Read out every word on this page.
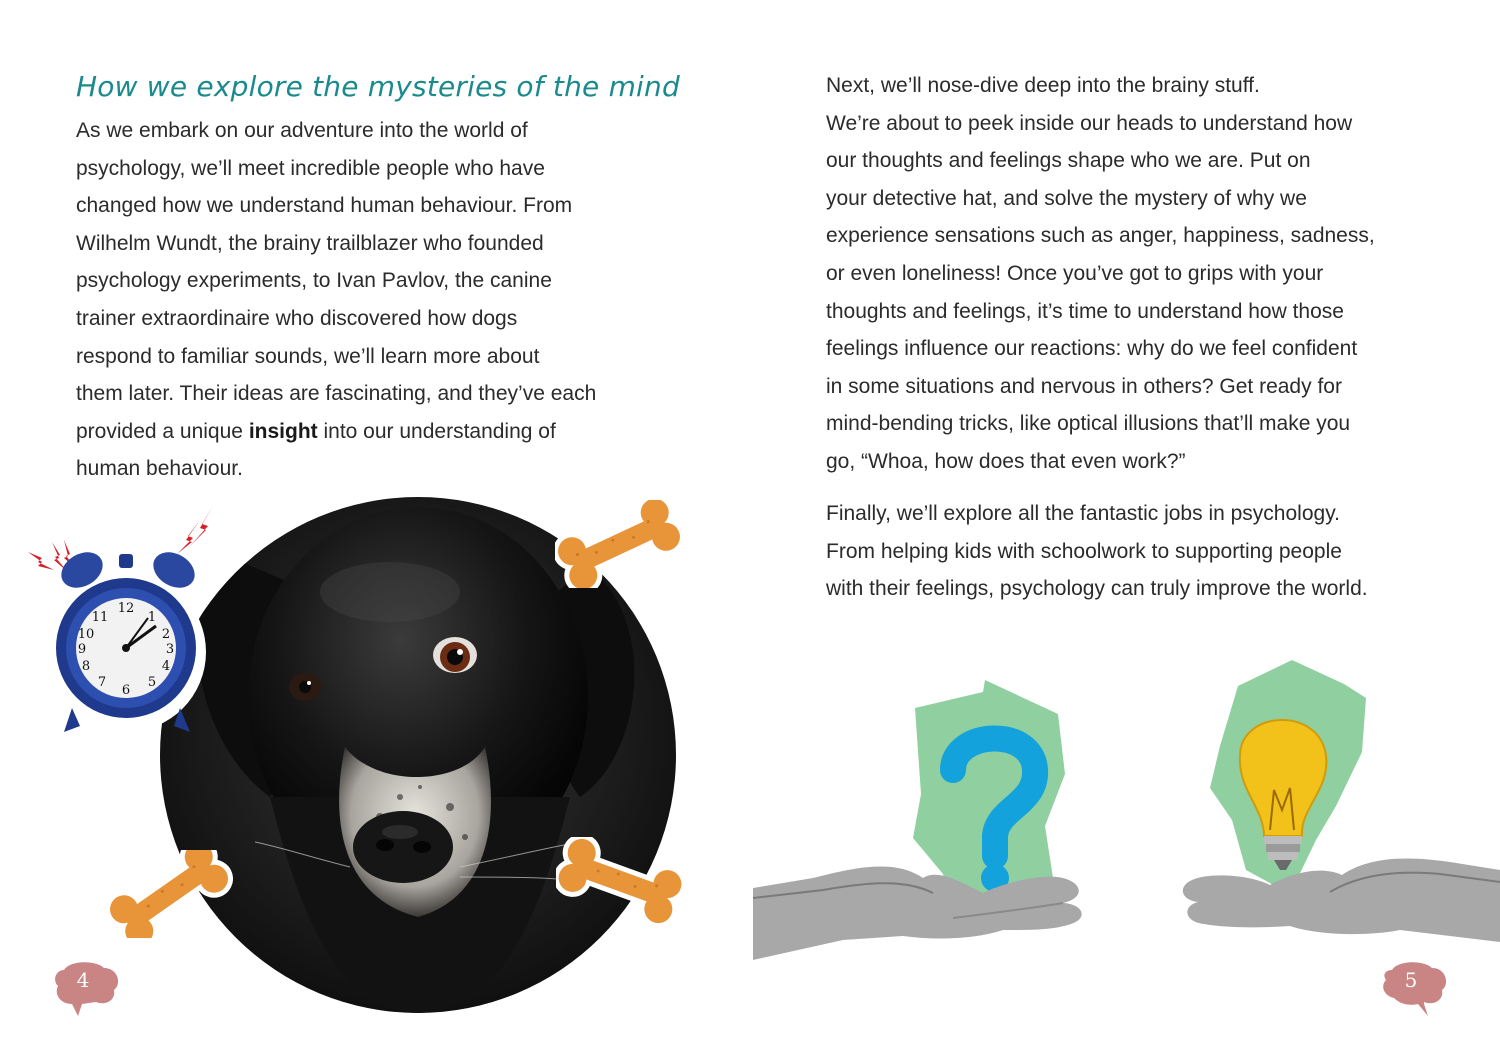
How we explore the mysteries of the mind

As we embark on our adventure into the world of
psychology, we’ll meet incredible people who have
changed how we understand human behaviour. From
Wilhelm Wundt, the brainy trailblazer who founded
psychology experiments, to Ivan Pavlov, the canine
trainer extraordinaire who discovered how dogs
respond to familiar sounds, we’ll learn more about
them later. Their ideas are fascinating, and they’ve each
provided a unique insight into our understanding of
human behaviour.

Next, we’ll nose-dive deep into the brainy stuff.
We’re about to peek inside our heads to understand how
our thoughts and feelings shape who we are. Put on
your detective hat, and solve the mystery of why we
experience sensations such as anger, happiness, sadness,
or even loneliness! Once you’ve got to grips with your
thoughts and feelings, it’s time to understand how those
feelings influence our reactions: why do we feel confident
in some situations and nervous in others? Get ready for
mind-bending tricks, like optical illusions that’ll make you
go, “Whoa, how does that even work?”

Finally, we’ll explore all the fantastic jobs in psychology.
From helping kids with schoolwork to supporting people
with their feelings, psychology can truly improve the world.

12
1
2
3
4
5
6
7
8
9
10
11
4	5
